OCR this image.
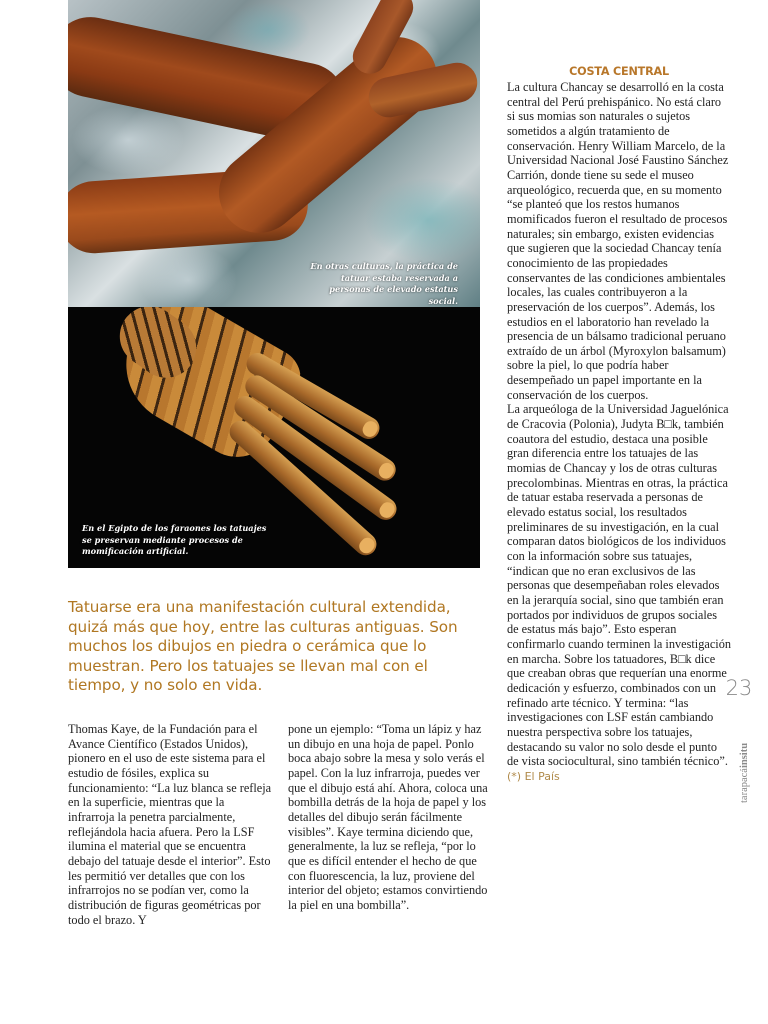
En otras culturas, la práctica de tatuar estaba reservada a personas de elevado estatus social.
En el Egipto de los faraones los tatuajes se preservan mediante procesos de momificación artificial.
Tatuarse era una manifestación cultural extendida, quizá más que hoy, entre las culturas antiguas. Son muchos los dibujos en piedra o cerámica que lo muestran. Pero los tatuajes se llevan mal con el tiempo, y no solo en vida.
Thomas Kaye, de la Fundación para el Avance Científico (Estados Unidos), pionero en el uso de este sistema para el estudio de fósiles, explica su funcionamiento: “La luz blanca se refleja en la superficie, mientras que la infrarroja la penetra parcialmente, reflejándola hacia afuera. Pero la LSF ilumina el material que se encuentra debajo del tatuaje desde el interior”. Esto les permitió ver detalles que con los infrarrojos no se podían ver, como la distribución de figuras geométricas por todo el brazo. Y
pone un ejemplo: “Toma un lápiz y haz un dibujo en una hoja de papel. Ponlo boca abajo sobre la mesa y solo verás el papel. Con la luz infrarroja, puedes ver que el dibujo está ahí. Ahora, coloca una bombilla detrás de la hoja de papel y los detalles del dibujo serán fácilmente visibles”. Kaye termina diciendo que, generalmente, la luz se refleja, “por lo que es difícil entender el hecho de que con fluorescencia, la luz, proviene del interior del objeto; estamos convirtiendo la piel en una bombilla”.
COSTA CENTRAL
La cultura Chancay se desarrolló en la costa central del Perú prehispánico. No está claro si sus momias son naturales o sujetos sometidos a algún tratamiento de conservación. Henry William Marcelo, de la Universidad Nacional José Faustino Sánchez Carrión, donde tiene su sede el museo arqueológico, recuerda que, en su momento “se planteó que los restos humanos momificados fueron el resultado de procesos naturales; sin embargo, existen evidencias que sugieren que la sociedad Chancay tenía conocimiento de las propiedades conservantes de las condiciones ambientales locales, las cuales contribuyeron a la preservación de los cuerpos”. Además, los estudios en el laboratorio han revelado la presencia de un bálsamo tradicional peruano extraído de un árbol (Myroxylon balsamum) sobre la piel, lo que podría haber desempeñado un papel importante en la conservación de los cuerpos.
La arqueóloga de la Universidad Jaguelónica de Cracovia (Polonia), Judyta B□k, también coautora del estudio, destaca una posible gran diferencia entre los tatuajes de las momias de Chancay y los de otras culturas precolombinas. Mientras en otras, la práctica de tatuar estaba reservada a personas de elevado estatus social, los resultados preliminares de su investigación, en la cual comparan datos biológicos de los individuos con la información sobre sus tatuajes, “indican que no eran exclusivos de las personas que desempeñaban roles elevados en la jerarquía social, sino que también eran portados por individuos de grupos sociales de estatus más bajo”. Esto esperan confirmarlo cuando terminen la investigación en marcha. Sobre los tatuadores, B□k dice que creaban obras que requerían una enorme dedicación y esfuerzo, combinados con un refinado arte técnico. Y termina: “las investigaciones con LSF están cambiando nuestra perspectiva sobre los tatuajes, destacando su valor no solo desde el punto de vista sociocultural, sino también técnico”.
(*) El País
23
tarapacáinsitu
